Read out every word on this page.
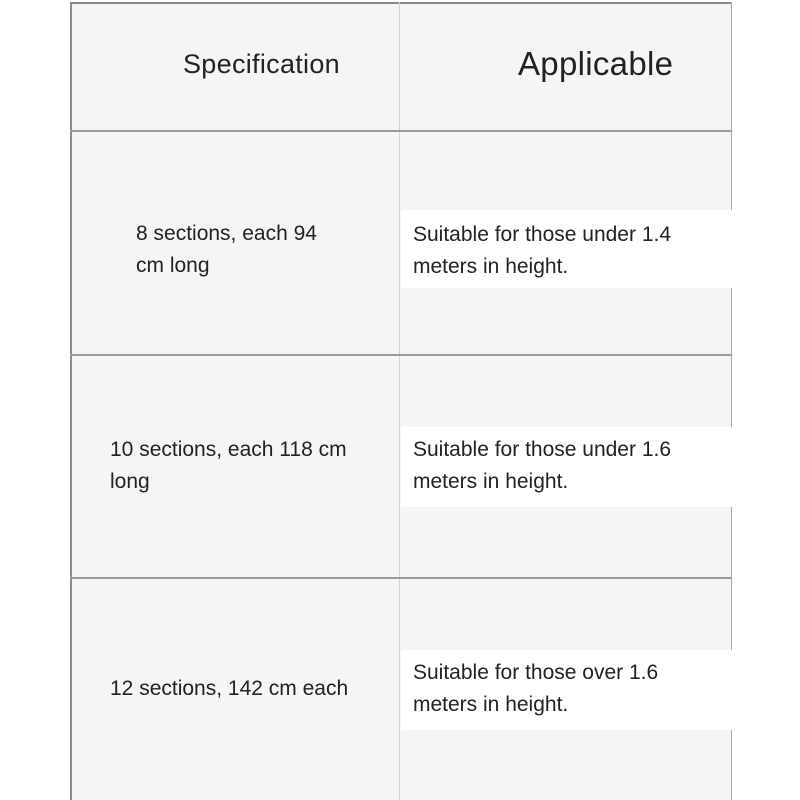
Specification	Applicable
8 sections, each 94
cm long
Suitable for those under 1.4
meters in height.
10 sections, each 118 cm
long
Suitable for those under 1.6
meters in height.
12 sections, 142 cm each
Suitable for those over 1.6
meters in height.
